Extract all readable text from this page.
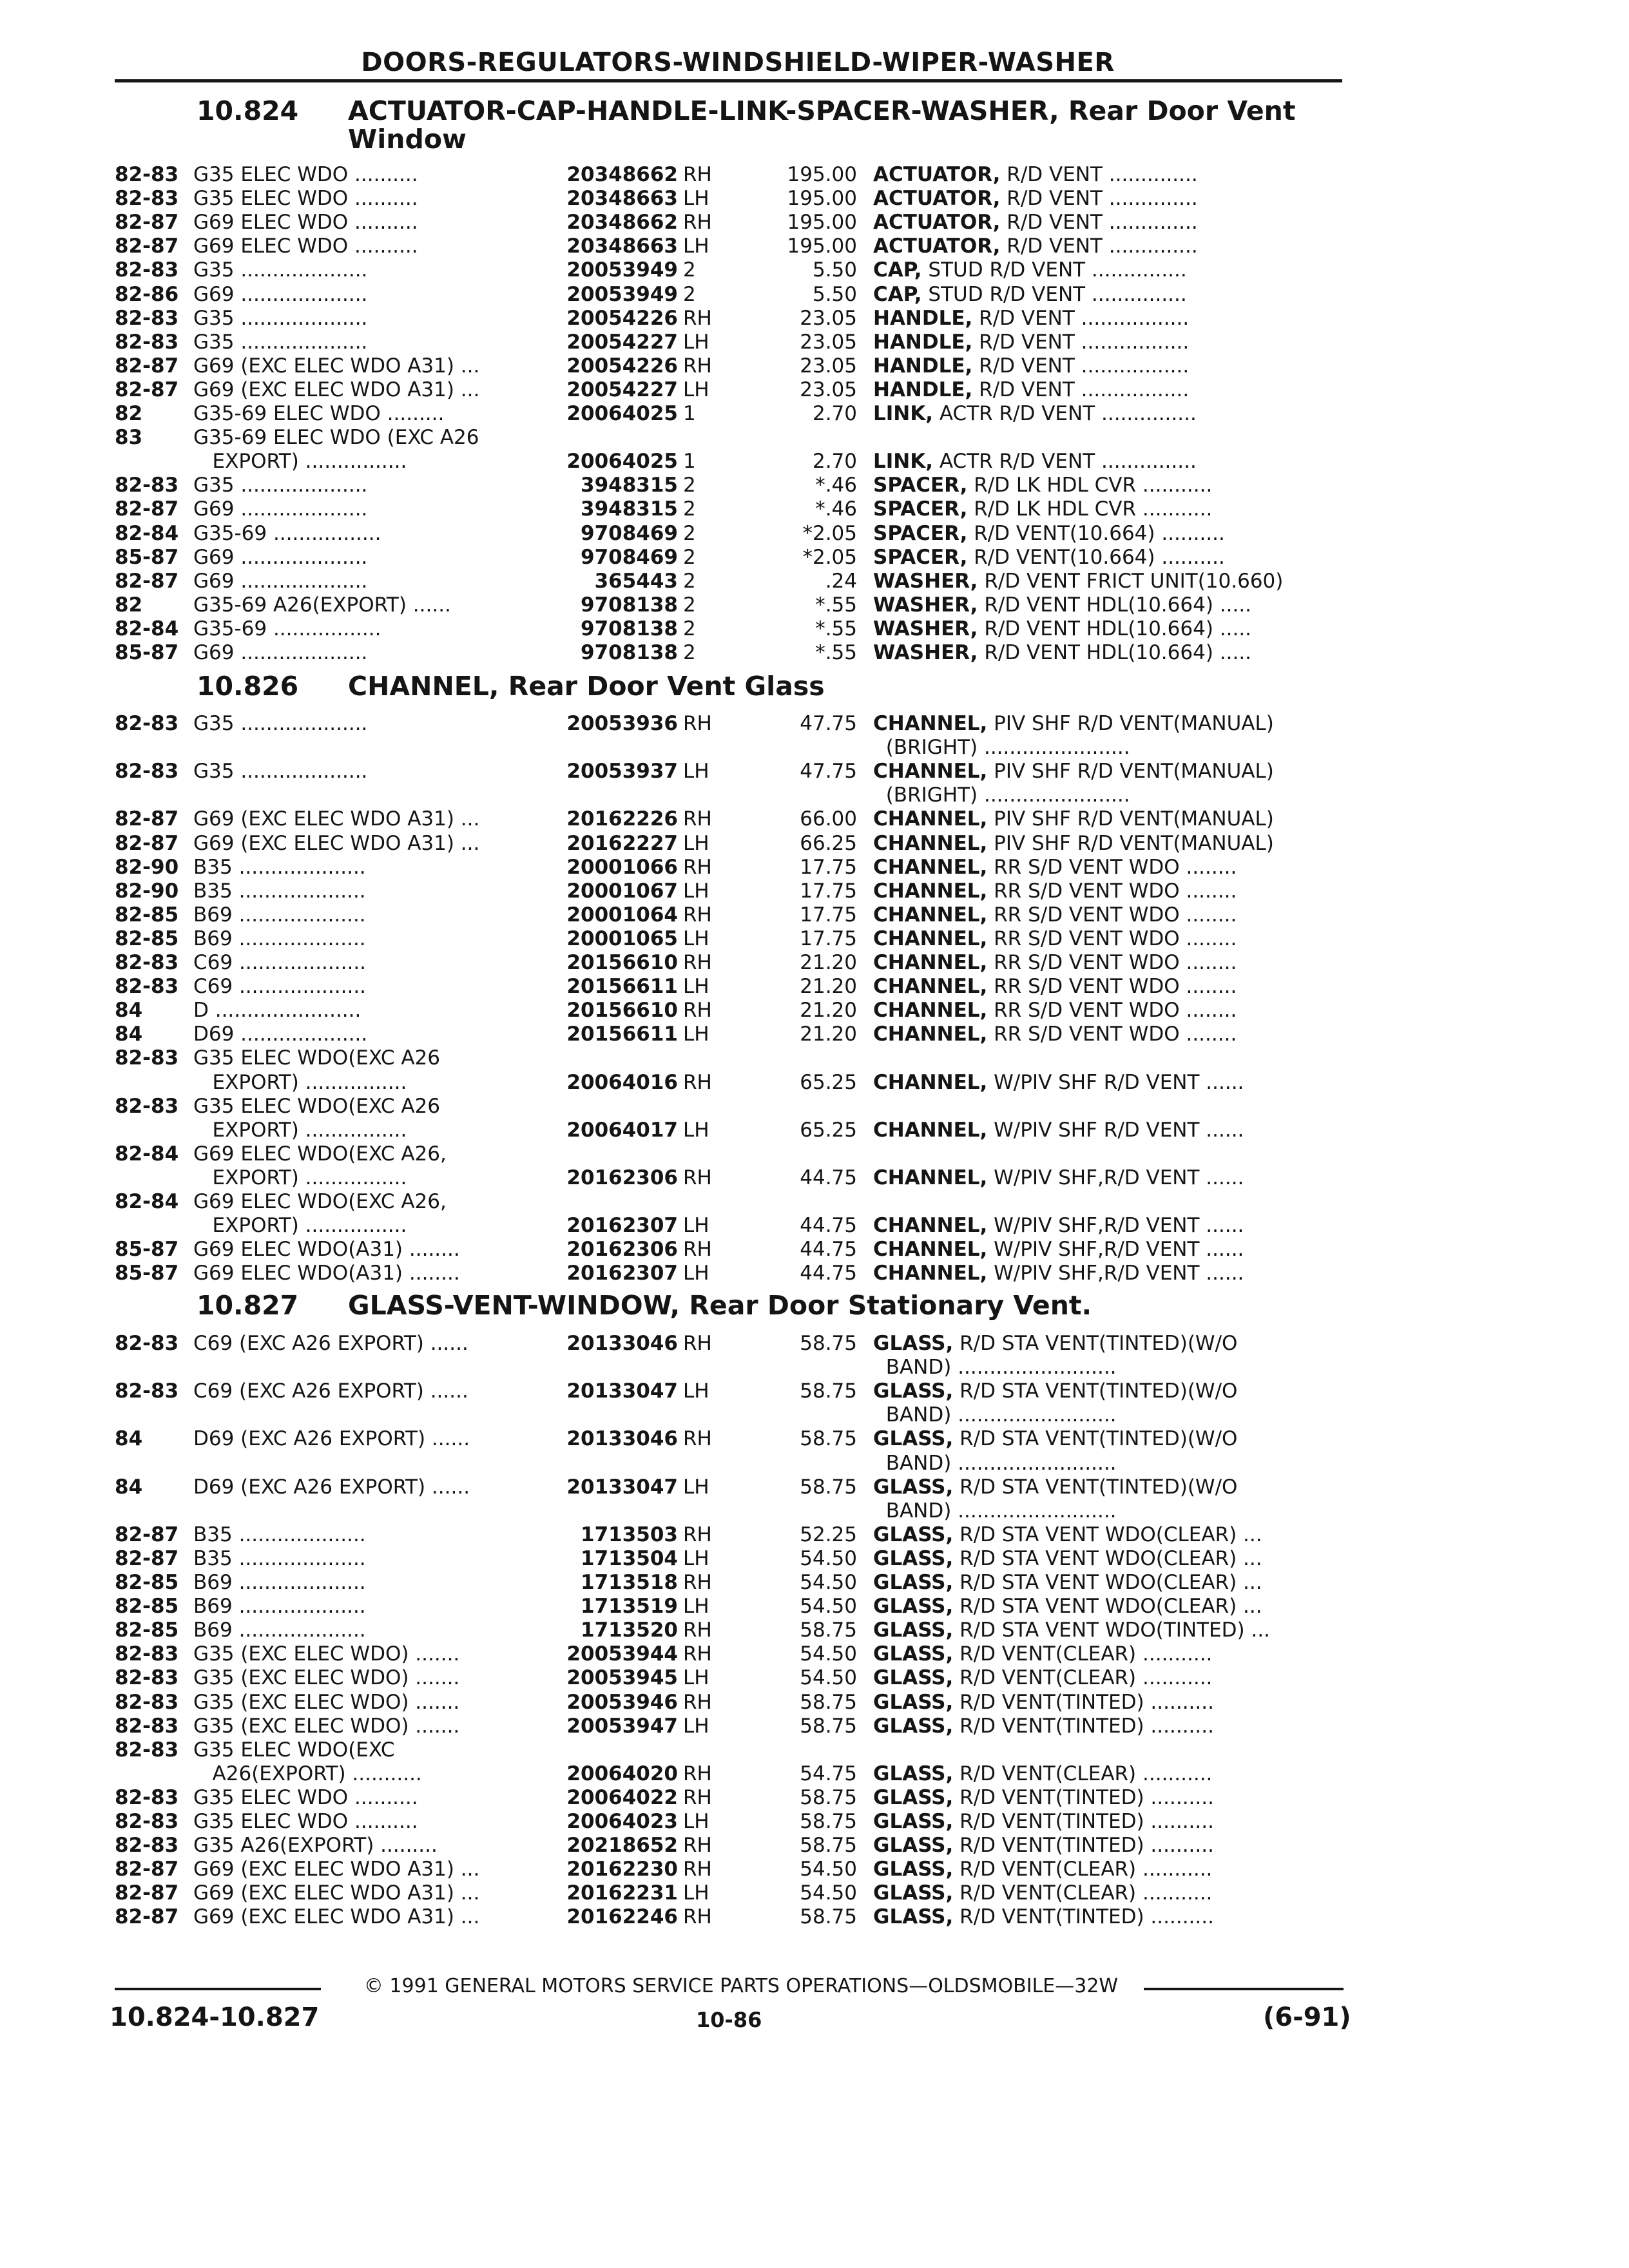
DOORS-REGULATORS-WINDSHIELD-WIPER-WASHER
10.824 ACTUATOR-CAP-HANDLE-LINK-SPACER-WASHER, Rear Door Vent
Window
82-83 G35 ELEC WDO ..........	20348662 RH	195.00 ACTUATOR, R/D VENT ..............
82-83 G35 ELEC WDO ..........	20348663 LH	195.00 ACTUATOR, R/D VENT ..............
82-87 G69 ELEC WDO ..........	20348662 RH	195.00 ACTUATOR, R/D VENT ..............
82-87 G69 ELEC WDO ..........	20348663 LH	195.00 ACTUATOR, R/D VENT ..............
82-83 G35 ....................	20053949 2	5.50 CAP, STUD R/D VENT ...............
82-86 G69 ....................	20053949 2	5.50 CAP, STUD R/D VENT ...............
82-83 G35 ....................	20054226 RH	23.05 HANDLE, R/D VENT .................
82-83 G35 ....................	20054227 LH	23.05 HANDLE, R/D VENT .................
82-87 G69 (EXC ELEC WDO A31) ...	20054226 RH	23.05 HANDLE, R/D VENT .................
82-87 G69 (EXC ELEC WDO A31) ...	20054227 LH	23.05 HANDLE, R/D VENT .................
82	G35-69 ELEC WDO .........	20064025 1	2.70 LINK, ACTR R/D VENT ...............
83	G35-69 ELEC WDO (EXC A26
EXPORT) ................	20064025 1	2.70 LINK, ACTR R/D VENT ...............
82-83 G35 ....................	3948315 2	*.46 SPACER, R/D LK HDL CVR ...........
82-87 G69 ....................	3948315 2	*.46 SPACER, R/D LK HDL CVR ...........
82-84 G35-69 .................	9708469 2	*2.05 SPACER, R/D VENT(10.664) ..........
85-87 G69 ....................	9708469 2	*2.05 SPACER, R/D VENT(10.664) ..........
82-87 G69 ....................	365443 2	.24 WASHER, R/D VENT FRICT UNIT(10.660)
82	G35-69 A26(EXPORT) ......	9708138 2	*.55 WASHER, R/D VENT HDL(10.664) .....
82-84 G35-69 .................	9708138 2	*.55 WASHER, R/D VENT HDL(10.664) .....
85-87 G69 ....................	9708138 2	*.55 WASHER, R/D VENT HDL(10.664) .....
10.826 CHANNEL, Rear Door Vent Glass
82-83 G35 ....................	20053936 RH	47.75 CHANNEL, PIV SHF R/D VENT(MANUAL)
(BRIGHT) .......................
82-83 G35 ....................	20053937 LH	47.75 CHANNEL, PIV SHF R/D VENT(MANUAL)
(BRIGHT) .......................
82-87 G69 (EXC ELEC WDO A31) ...	20162226 RH	66.00 CHANNEL, PIV SHF R/D VENT(MANUAL)
82-87 G69 (EXC ELEC WDO A31) ...	20162227 LH	66.25 CHANNEL, PIV SHF R/D VENT(MANUAL)
82-90 B35 ....................	20001066 RH	17.75 CHANNEL, RR S/D VENT WDO ........
82-90 B35 ....................	20001067 LH	17.75 CHANNEL, RR S/D VENT WDO ........
82-85 B69 ....................	20001064 RH	17.75 CHANNEL, RR S/D VENT WDO ........
82-85 B69 ....................	20001065 LH	17.75 CHANNEL, RR S/D VENT WDO ........
82-83 C69 ....................	20156610 RH	21.20 CHANNEL, RR S/D VENT WDO ........
82-83 C69 ....................	20156611 LH	21.20 CHANNEL, RR S/D VENT WDO ........
84	D .......................	20156610 RH	21.20 CHANNEL, RR S/D VENT WDO ........
84	D69 ....................	20156611 LH	21.20 CHANNEL, RR S/D VENT WDO ........
82-83 G35 ELEC WDO(EXC A26
EXPORT) ................	20064016 RH	65.25 CHANNEL, W/PIV SHF R/D VENT ......
82-83 G35 ELEC WDO(EXC A26
EXPORT) ................	20064017 LH	65.25 CHANNEL, W/PIV SHF R/D VENT ......
82-84 G69 ELEC WDO(EXC A26,
EXPORT) ................	20162306 RH	44.75 CHANNEL, W/PIV SHF,R/D VENT ......
82-84 G69 ELEC WDO(EXC A26,
EXPORT) ................	20162307 LH	44.75 CHANNEL, W/PIV SHF,R/D VENT ......
85-87 G69 ELEC WDO(A31) ........	20162306 RH	44.75 CHANNEL, W/PIV SHF,R/D VENT ......
85-87 G69 ELEC WDO(A31) ........	20162307 LH	44.75 CHANNEL, W/PIV SHF,R/D VENT ......
10.827 GLASS-VENT-WINDOW, Rear Door Stationary Vent.
82-83 C69 (EXC A26 EXPORT) ......	20133046 RH	58.75 GLASS, R/D STA VENT(TINTED)(W/O
BAND) .........................
82-83 C69 (EXC A26 EXPORT) ......	20133047 LH	58.75 GLASS, R/D STA VENT(TINTED)(W/O
BAND) .........................
84	D69 (EXC A26 EXPORT) ......	20133046 RH	58.75 GLASS, R/D STA VENT(TINTED)(W/O
BAND) .........................
84	D69 (EXC A26 EXPORT) ......	20133047 LH	58.75 GLASS, R/D STA VENT(TINTED)(W/O
BAND) .........................
82-87 B35 ....................	1713503 RH	52.25 GLASS, R/D STA VENT WDO(CLEAR) ...
82-87 B35 ....................	1713504 LH	54.50 GLASS, R/D STA VENT WDO(CLEAR) ...
82-85 B69 ....................	1713518 RH	54.50 GLASS, R/D STA VENT WDO(CLEAR) ...
82-85 B69 ....................	1713519 LH	54.50 GLASS, R/D STA VENT WDO(CLEAR) ...
82-85 B69 ....................	1713520 RH	58.75 GLASS, R/D STA VENT WDO(TINTED) ...
82-83 G35 (EXC ELEC WDO) .......	20053944 RH	54.50 GLASS, R/D VENT(CLEAR) ...........
82-83 G35 (EXC ELEC WDO) .......	20053945 LH	54.50 GLASS, R/D VENT(CLEAR) ...........
82-83 G35 (EXC ELEC WDO) .......	20053946 RH	58.75 GLASS, R/D VENT(TINTED) ..........
82-83 G35 (EXC ELEC WDO) .......	20053947 LH	58.75 GLASS, R/D VENT(TINTED) ..........
82-83 G35 ELEC WDO(EXC
A26(EXPORT) ...........	20064020 RH	54.75 GLASS, R/D VENT(CLEAR) ...........
82-83 G35 ELEC WDO ..........	20064022 RH	58.75 GLASS, R/D VENT(TINTED) ..........
82-83 G35 ELEC WDO ..........	20064023 LH	58.75 GLASS, R/D VENT(TINTED) ..........
82-83 G35 A26(EXPORT) .........	20218652 RH	58.75 GLASS, R/D VENT(TINTED) ..........
82-87 G69 (EXC ELEC WDO A31) ...	20162230 RH	54.50 GLASS, R/D VENT(CLEAR) ...........
82-87 G69 (EXC ELEC WDO A31) ...	20162231 LH	54.50 GLASS, R/D VENT(CLEAR) ...........
82-87 G69 (EXC ELEC WDO A31) ...	20162246 RH	58.75 GLASS, R/D VENT(TINTED) ..........
© 1991 GENERAL MOTORS SERVICE PARTS OPERATIONS—OLDSMOBILE—32W
10.824-10.827	10-86	(6-91)
